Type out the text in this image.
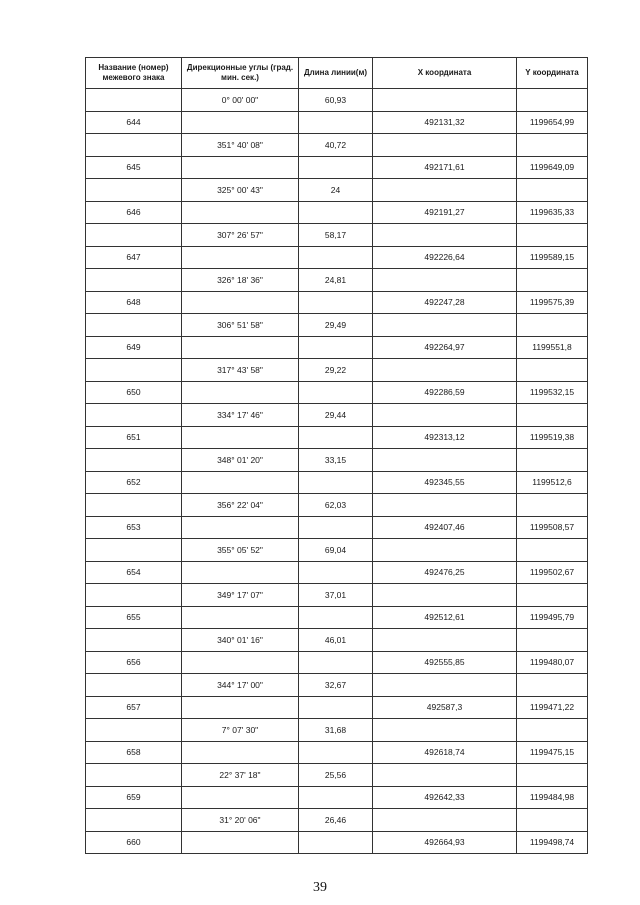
Название (номер) межевого знака	Дирекционные углы (град. мин. сек.)	Длина линии(м)	X координата	Y координата
	0° 00' 00"	60,93		
644			492131,32	1199654,99
	351° 40' 08"	40,72		
645			492171,61	1199649,09
	325° 00' 43"	24		
646			492191,27	1199635,33
	307° 26' 57"	58,17		
647			492226,64	1199589,15
	326° 18' 36"	24,81		
648			492247,28	1199575,39
	306° 51' 58"	29,49		
649			492264,97	1199551,8
	317° 43' 58"	29,22		
650			492286,59	1199532,15
	334° 17' 46"	29,44		
651			492313,12	1199519,38
	348° 01' 20"	33,15		
652			492345,55	1199512,6
	356° 22' 04"	62,03		
653			492407,46	1199508,57
	355° 05' 52"	69,04		
654			492476,25	1199502,67
	349° 17' 07"	37,01		
655			492512,61	1199495,79
	340° 01' 16"	46,01		
656			492555,85	1199480,07
	344° 17' 00"	32,67		
657			492587,3	1199471,22
	7° 07' 30"	31,68		
658			492618,74	1199475,15
	22° 37' 18"	25,56		
659			492642,33	1199484,98
	31° 20' 06"	26,46		
660			492664,93	1199498,74
39
